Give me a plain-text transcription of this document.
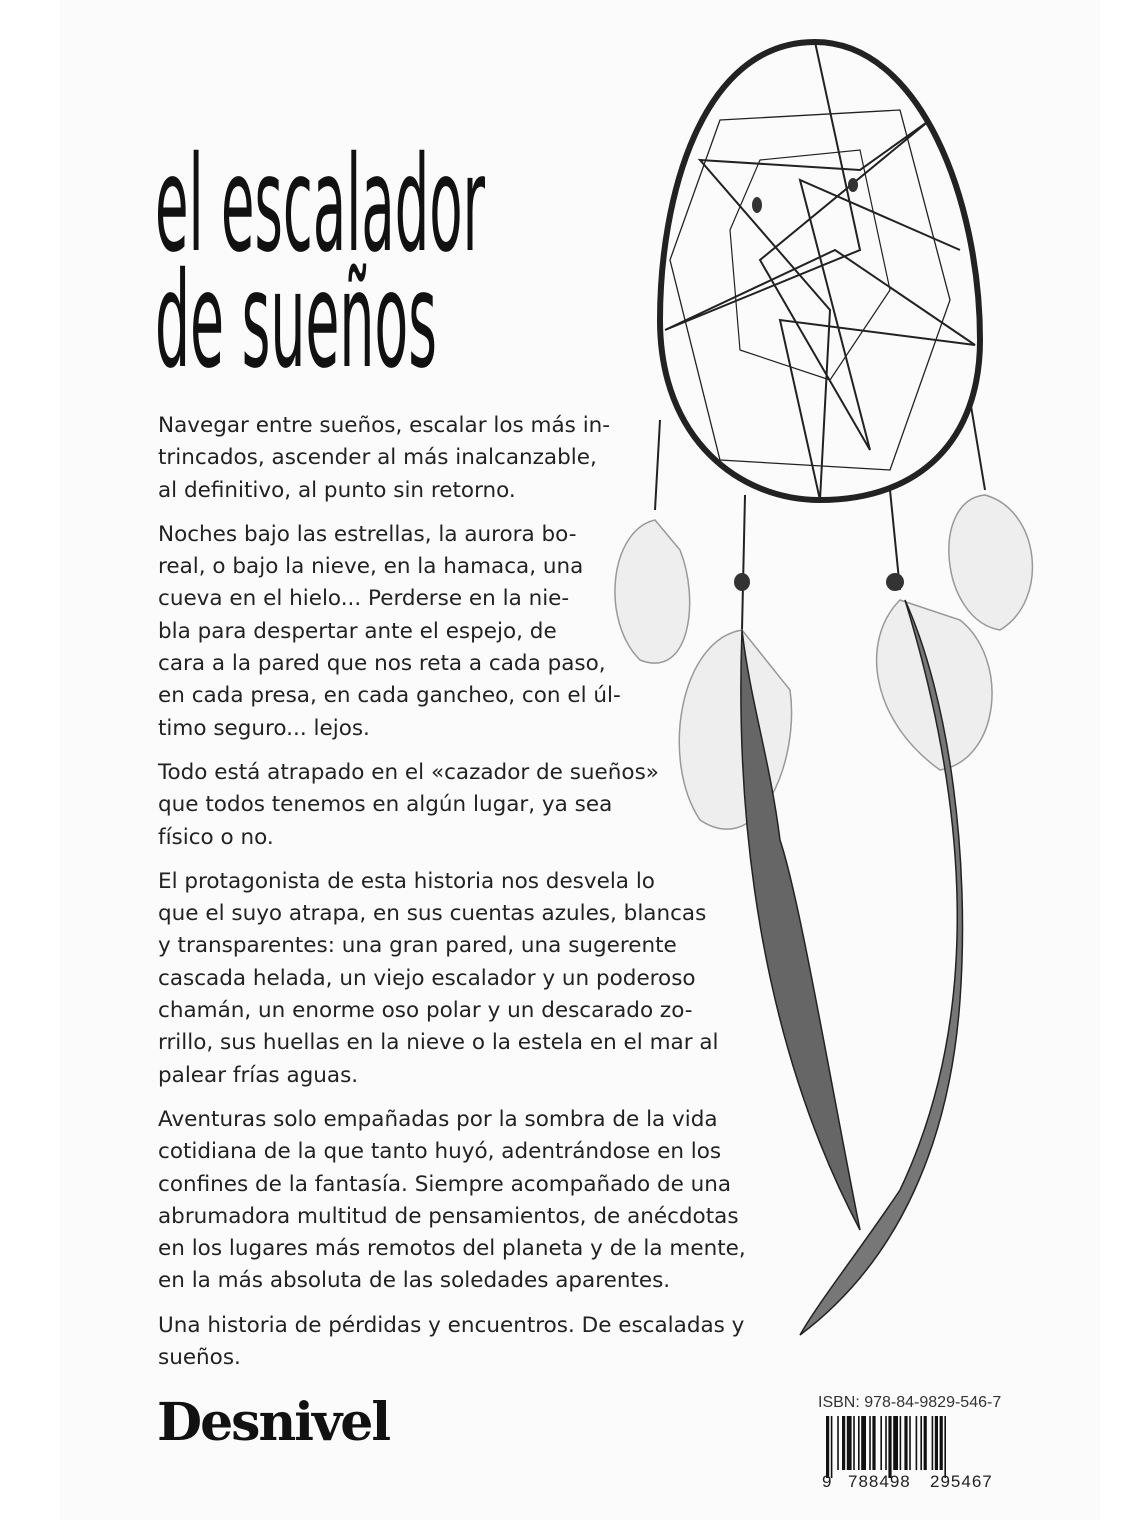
el escalador
de sueños
Navegar entre sueños, escalar los más in-
trincados, ascender al más inalcanzable,
al definitivo, al punto sin retorno.
Noches bajo las estrellas, la aurora bo-
real, o bajo la nieve, en la hamaca, una
cueva en el hielo... Perderse en la nie-
bla para despertar ante el espejo, de
cara a la pared que nos reta a cada paso,
en cada presa, en cada gancheo, con el úl-
timo seguro... lejos.
Todo está atrapado en el «cazador de sueños»
que todos tenemos en algún lugar, ya sea
físico o no.
El protagonista de esta historia nos desvela lo
que el suyo atrapa, en sus cuentas azules, blancas
y transparentes: una gran pared, una sugerente
cascada helada, un viejo escalador y un poderoso
chamán, un enorme oso polar y un descarado zo-
rrillo, sus huellas en la nieve o la estela en el mar al
palear frías aguas.
Aventuras solo empañadas por la sombra de la vida
cotidiana de la que tanto huyó, adentrándose en los
confines de la fantasía. Siempre acompañado de una
abrumadora multitud de pensamientos, de anécdotas
en los lugares más remotos del planeta y de la mente,
en la más absoluta de las soledades aparentes.
Una historia de pérdidas y encuentros. De escaladas y
sueños.
Desnivel	ISBN: 978-84-9829-546-7
9 788498 295467
